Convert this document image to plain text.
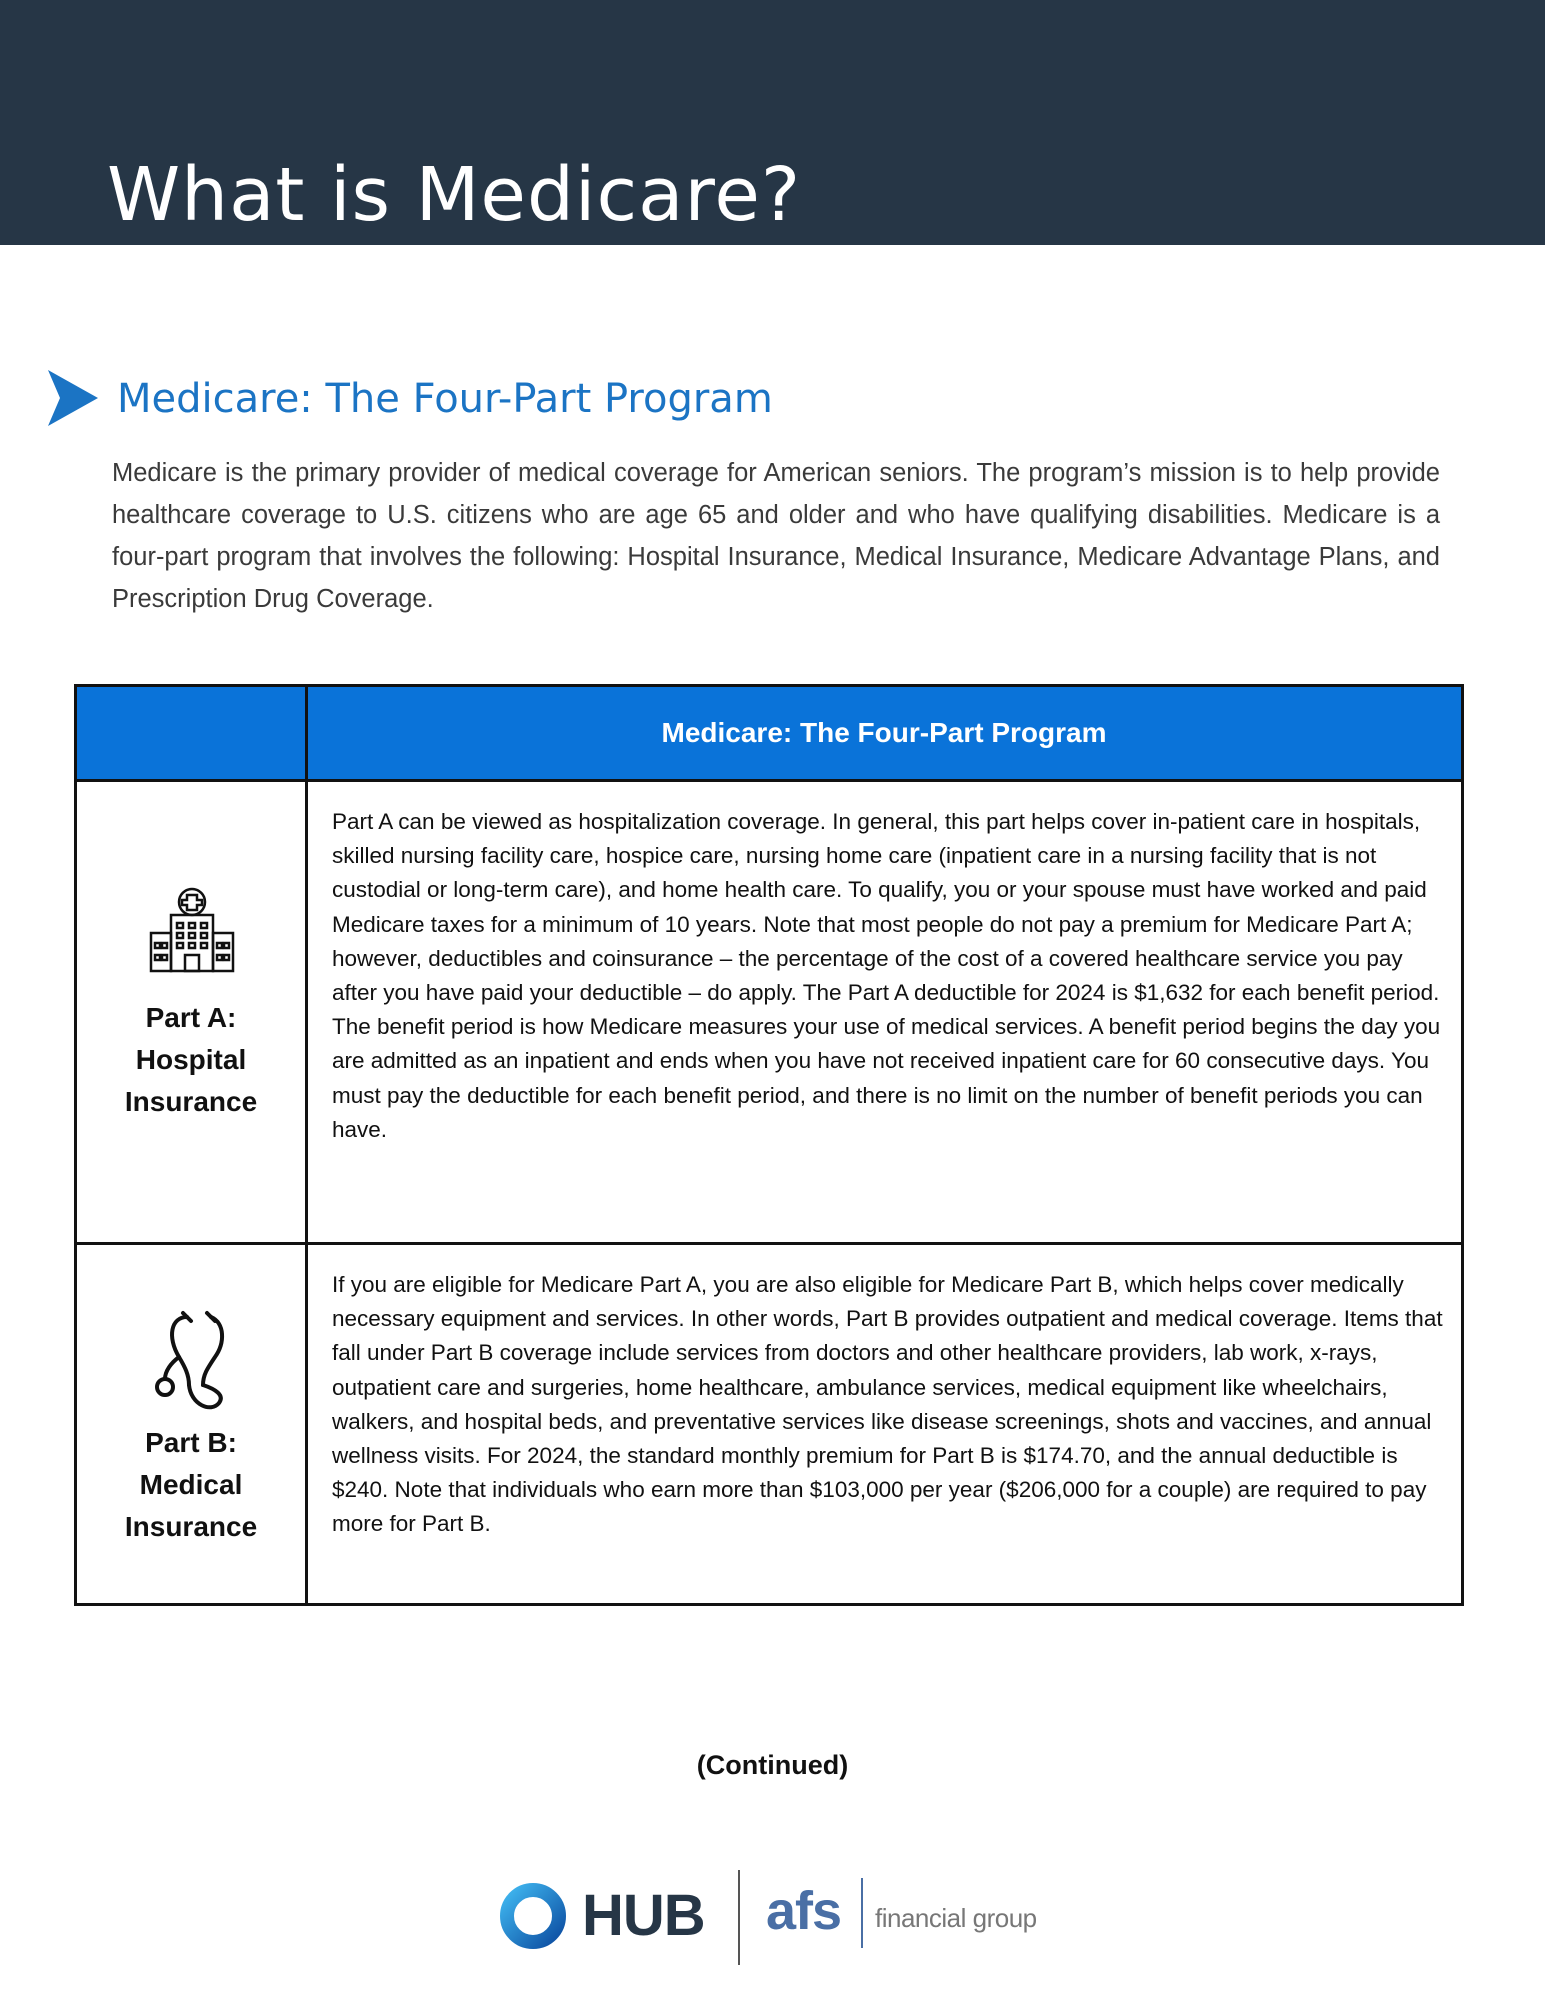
What is Medicare?
Medicare: The Four-Part Program

Medicare is the primary provider of medical coverage for American seniors. The program’s mission is to help provide healthcare coverage to U.S. citizens who are age 65 and older and who have qualifying disabilities. Medicare is a four-part program that involves the following: Hospital Insurance, Medical Insurance, Medicare Advantage Plans, and Prescription Drug Coverage.

Medicare: The Four-Part Program
Part A:
Hospital
Insurance

Part A can be viewed as hospitalization coverage. In general, this part helps cover in-patient care in hospitals, skilled nursing facility care, hospice care, nursing home care (inpatient care in a nursing facility that is not custodial or long-term care), and home health care. To qualify, you or your spouse must have worked and paid Medicare taxes for a minimum of 10 years. Note that most people do not pay a premium for Medicare Part A; however, deductibles and coinsurance – the percentage of the cost of a covered healthcare service you pay after you have paid your deductible – do apply. The Part A deductible for 2024 is $1,632 for each benefit period. The benefit period is how Medicare measures your use of medical services. A benefit period begins the day you are admitted as an inpatient and ends when you have not received inpatient care for 60 consecutive days. You must pay the deductible for each benefit period, and there is no limit on the number of benefit periods you can have.

Part B:
Medical
Insurance

If you are eligible for Medicare Part A, you are also eligible for Medicare Part B, which helps cover medically necessary equipment and services. In other words, Part B provides outpatient and medical coverage. Items that fall under Part B coverage include services from doctors and other healthcare providers, lab work, x-rays, outpatient care and surgeries, home healthcare, ambulance services, medical equipment like wheelchairs, walkers, and hospital beds, and preventative services like disease screenings, shots and vaccines, and annual wellness visits. For 2024, the standard monthly premium for Part B is $174.70, and the annual deductible is $240. Note that individuals who earn more than $103,000 per year ($206,000 for a couple) are required to pay more for Part B.

(Continued)
HUB afs financial group
